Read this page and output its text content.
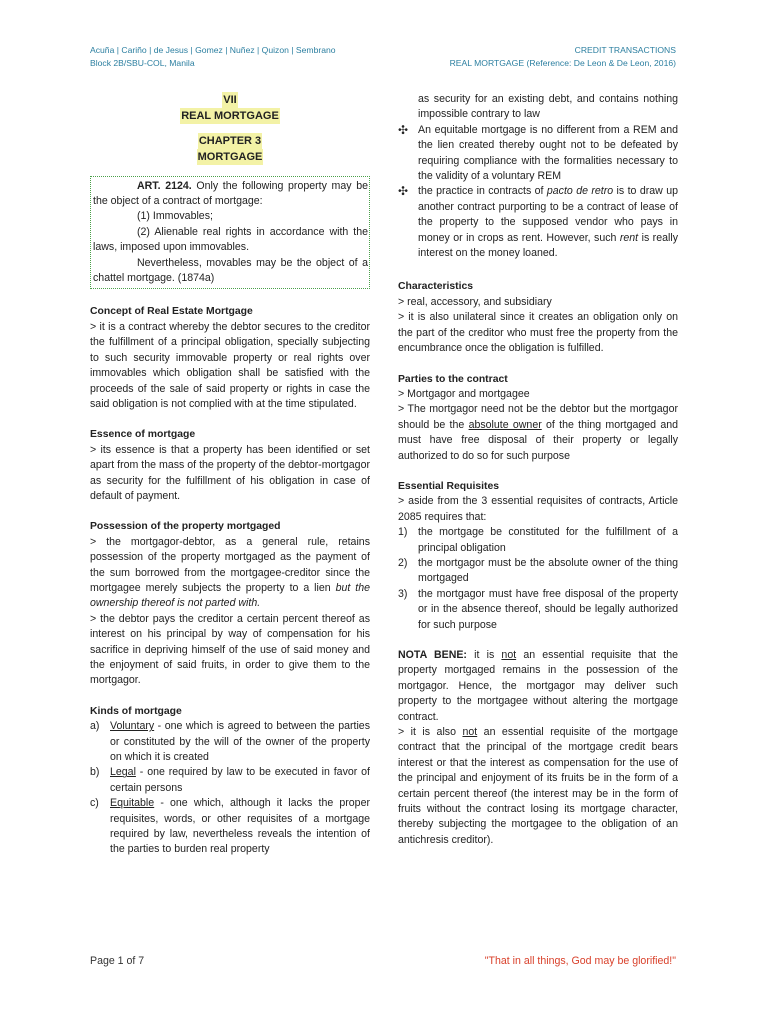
Acuña | Cariño | de Jesus | Gomez | Nuñez | Quizon | Sembrano
Block 2B/SBU-COL, Manila
CREDIT TRANSACTIONS
REAL MORTGAGE (Reference: De Leon & De Leon, 2016)
VII
REAL MORTGAGE
CHAPTER 3
MORTGAGE

ART. 2124. Only the following property may be the object of a contract of mortgage:

(1) Immovables;

(2) Alienable real rights in accordance with the laws, imposed upon immovables.

Nevertheless, movables may be the object of a chattel mortgage. (1874a)

Concept of Real Estate Mortgage

> it is a contract whereby the debtor secures to the creditor the fulfillment of a principal obligation, specially subjecting to such security immovable property or real rights over immovables which obligation shall be satisfied with the proceeds of the sale of said property or rights in case the said obligation is not complied with at the time stipulated.

Essence of mortgage

> its essence is that a property has been identified or set apart from the mass of the property of the debtor-mortgagor as security for the fulfillment of his obligation in case of default of payment.

Possession of the property mortgaged

> the mortgagor-debtor, as a general rule, retains possession of the property mortgaged as the payment of the sum borrowed from the mortgagee-creditor since the mortgagee merely subjects the property to a lien but the ownership thereof is not parted with.

> the debtor pays the creditor a certain percent thereof as interest on his principal by way of compensation for his sacrifice in depriving himself of the use of said money and the enjoyment of said fruits, in order to give them to the mortgagor.

Kinds of mortgage
a) Voluntary - one which is agreed to between the parties or constituted by the will of the owner of the property on which it is created
b) Legal - one required by law to be executed in favor of certain persons
c) Equitable - one which, although it lacks the proper requisites, words, or other requisites of a mortgage required by law, nevertheless reveals the intention of the parties to burden real property

as security for an existing debt, and contains nothing impossible contrary to law

✣ An equitable mortgage is no different from a REM and the lien created thereby ought not to be defeated by requiring compliance with the formalities necessary to the validity of a voluntary REM
✣ the practice in contracts of pacto de retro is to draw up another contract purporting to be a contract of lease of the property to the supposed vendor who pays in money or in crops as rent. However, such rent is really interest on the money loaned.
Characteristics

> real, accessory, and subsidiary

> it is also unilateral since it creates an obligation only on the part of the creditor who must free the property from the encumbrance once the obligation is fulfilled.

Parties to the contract

> Mortgagor and mortgagee

> The mortgagor need not be the debtor but the mortgagor should be the absolute owner of the thing mortgaged and must have free disposal of their property or legally authorized to do so for such purpose

Essential Requisites

> aside from the 3 essential requisites of contracts, Article 2085 requires that:

1) the mortgage be constituted for the fulfillment of a principal obligation
2) the mortgagor must be the absolute owner of the thing mortgaged
3) the mortgagor must have free disposal of the property or in the absence thereof, should be legally authorized for such purpose

NOTA BENE: it is not an essential requisite that the property mortgaged remains in the possession of the mortgagor. Hence, the mortgagor may deliver such property to the mortgagee without altering the mortgage contract.

> it is also not an essential requisite of the mortgage contract that the principal of the mortgage credit bears interest or that the interest as compensation for the use of the principal and enjoyment of its fruits be in the form of a certain percent thereof (the interest may be in the form of fruits without the contract losing its mortgage character, thereby subjecting the mortgagee to the obligation of an antichresis creditor).

Page 1 of 7	"That in all things, God may be glorified!"
